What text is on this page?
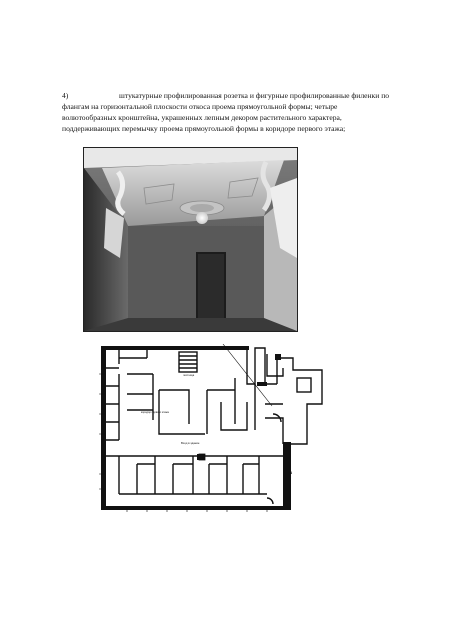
4)	штукатурные профилированная розетка и фигурные профилированные филенки по
флангам на горизонтальной плоскости откоса проема прямоугольной формы; четыре
волютообразных кронштейна, украшенных лепным декором растительного характера,
поддерживающих перемычку проема прямоугольной формы в коридоре первого этажа;
коридор первого этажа
лестница
Вход в здание
